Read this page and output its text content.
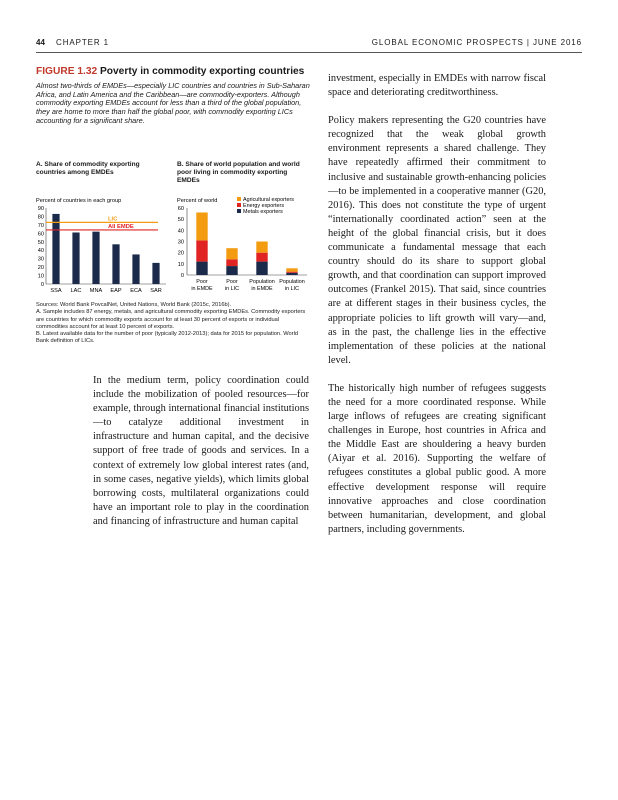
44 CHAPTER 1	GLOBAL ECONOMIC PROSPECTS | JUNE 2016
FIGURE 1.32 Poverty in commodity exporting countries
Almost two-thirds of EMDEs—especially LIC countries and countries in Sub-Saharan Africa, and Latin America and the Caribbean—are commodity-exporters. Although commodity exporting EMDEs account for less than a third of the global population, they are home to more than half the global poor, with commodity exporting LICs accounting for a significant share.
A. Share of commodity exporting countries among EMDEs
B. Share of world population and world poor living in commodity exporting EMDEs
Percent of countries in each group
0
10
20
30
40
50
60
70
80
90
SSA LAC MNA EAP ECA SAR
LIC
All EMDE
Percent of world
0
10
20
30
40
50
60
Poor
in EMDE
Poor
in LIC
Population
in EMDE
Population
in LIC
Agricultural exporters
Energy exporters
Metals exporters

Sources: World Bank PovcalNet, United Nations, World Bank (2015c, 2016b).

A. Sample includes 87 energy, metals, and agricultural commodity exporting EMDEs. Commodity exporters are countries for which commodity exports account for at least 30 percent of exports or individual commodities account for at least 10 percent of exports.

B. Latest available data for the number of poor (typically 2012-2013); data for 2015 for population. World Bank definition of LICs.

In the medium term, policy coordination could include the mobilization of pooled resources—for example, through international financial institutions—to catalyze additional investment in infrastructure and human capital, and the decisive support of free trade of goods and services. In a context of extremely low global interest rates (and, in some cases, negative yields), which limits global borrowing costs, multilateral organizations could have an important role to play in the coordination and financing of infrastructure and human capital

investment, especially in EMDEs with narrow fiscal space and deteriorating creditworthiness.

Policy makers representing the G20 countries have recognized that the weak global growth environment represents a shared challenge. They have repeatedly affirmed their commitment to inclusive and sustainable growth-enhancing policies—to be implemented in a cooperative manner (G20, 2016). This does not constitute the type of urgent “internationally coordinated action” seen at the height of the global financial crisis, but it does communicate a fundamental message that each country should do its share to support global growth, and that coordination can support improved outcomes (Frankel 2015). That said, since countries are at different stages in their business cycles, the appropriate policies to lift growth will vary—and, as in the past, the challenge lies in the effective implementation of these policies at the national level.

The historically high number of refugees suggests the need for a more coordinated response. While large inflows of refugees are creating significant challenges in Europe, host countries in Africa and the Middle East are shouldering a heavy burden (Aiyar et al. 2016). Supporting the welfare of refugees constitutes a global public good. A more effective development response will require innovative approaches and close coordination between humanitarian, development, and global partners, including governments.
